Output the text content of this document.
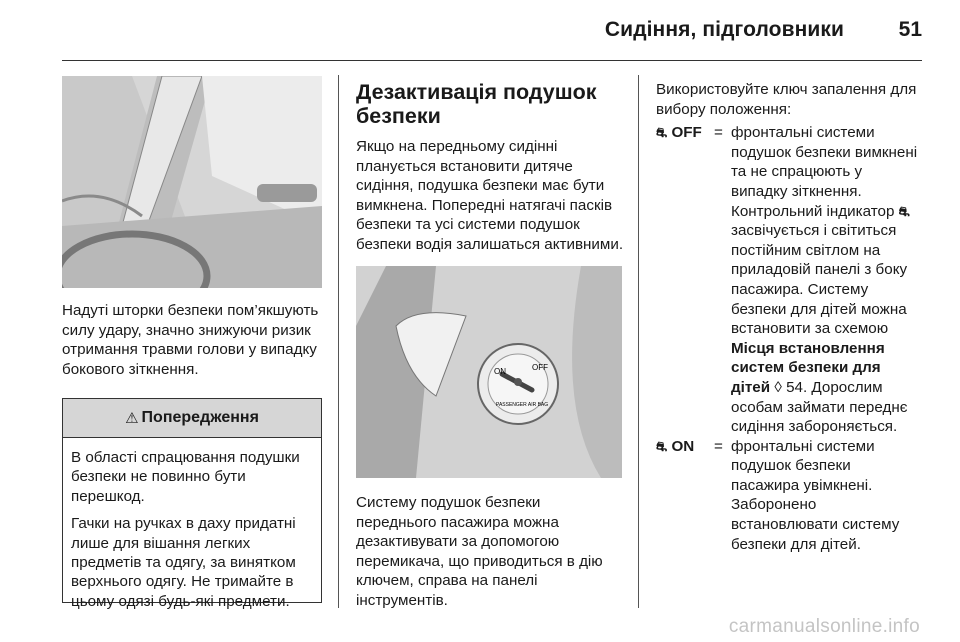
Сидіння, підголовники	51

Надуті шторки безпеки пом’якшують силу удару, значно знижуючи ризик отримання травми голови у випадку бокового зіткнення.

⚠ Попередження

В області спрацювання подушки безпеки не повинно бути перешкод.

Гачки на ручках в даху придатні лише для вішання легких предметів та одягу, за винятком верхнього одягу. Не тримайте в цьому одязі будь-які предмети.

Дезактивація подушок безпеки

Якщо на передньому сидінні планується встановити дитяче сидіння, подушка безпеки має бути вимкнена. Попередні натягачі пасків безпеки та усі системи подушок безпеки водія залишаться активними.

ON	OFF
PASSENGER AIR BAG

Систему подушок безпеки переднього пасажира можна дезактивувати за допомогою перемикача, що приводиться в дію ключем, справа на панелі інструментів.

Використовуйте ключ запалення для вибору положення:

⛐ OFF = фронтальні системи подушок безпеки вимкнені та не спрацюють у випадку зіткнення. Контрольний індикатор ⛐ засвічується і світиться постійним світлом на приладовій панелі з боку пасажира. Систему безпеки для дітей можна встановити за схемою Місця встановлення систем безпеки для дітей ◊ 54. Дорослим особам займати переднє сидіння забороняється.
⛐ ON	= фронтальні системи подушок безпеки пасажира увімкнені. Заборонено встановлювати систему безпеки для дітей.
carmanualsonline.info
